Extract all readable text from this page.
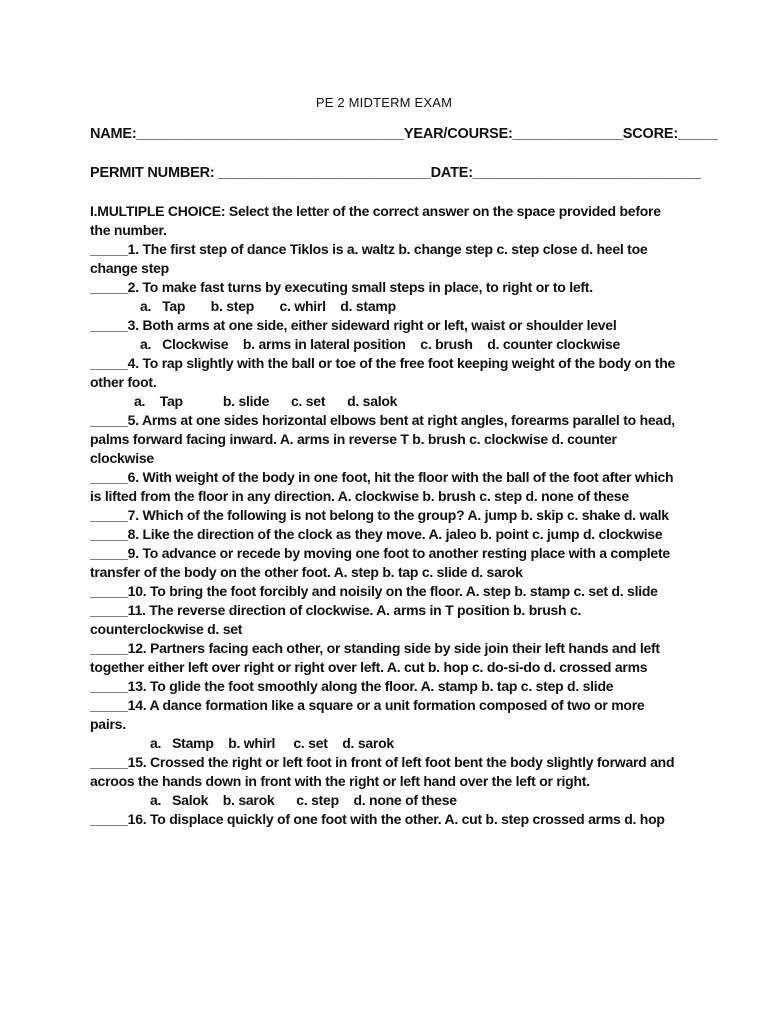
PE 2 MIDTERM EXAM
NAME:__________________________________YEAR/COURSE:______________SCORE:_____
PERMIT NUMBER: ___________________________DATE:_____________________________

I.MULTIPLE CHOICE: Select the letter of the correct answer on the space provided before the number.

_____1. The first step of dance Tiklos is a. waltz b. change step c. step close d. heel toe change step

_____2. To make fast turns by executing small steps in place, to right or to left.

a.   Tap       b. step       c. whirl    d. stamp

_____3. Both arms at one side, either sideward right or left, waist or shoulder level

a.   Clockwise    b. arms in lateral position    c. brush    d. counter clockwise

_____4. To rap slightly with the ball or toe of the free foot keeping weight of the body on the other foot.

a.    Tap           b. slide      c. set      d. salok

_____5. Arms at one sides horizontal elbows bent at right angles, forearms parallel to head, palms forward facing inward. A. arms in reverse T b. brush c. clockwise d. counter clockwise

_____6. With weight of the body in one foot, hit the floor with the ball of the foot after which is lifted from the floor in any direction. A. clockwise b. brush c. step d. none of these

_____7. Which of the following is not belong to the group? A. jump b. skip c. shake d. walk

_____8. Like the direction of the clock as they move. A. jaleo b. point c. jump d. clockwise

_____9. To advance or recede by moving one foot to another resting place with a complete transfer of the body on the other foot. A. step b. tap c. slide d. sarok

_____10. To bring the foot forcibly and noisily on the floor. A. step b. stamp c. set d. slide

_____11. The reverse direction of clockwise. A. arms in T position b. brush c. counterclockwise d. set

_____12. Partners facing each other, or standing side by side join their left hands and left together either left over right or right over left. A. cut b. hop c. do-si-do d. crossed arms

_____13. To glide the foot smoothly along the floor. A. stamp b. tap c. step d. slide

_____14. A dance formation like a square or a unit formation composed of two or more pairs.

a.   Stamp    b. whirl     c. set    d. sarok

_____15. Crossed the right or left foot in front of left foot bent the body slightly forward and acroos the hands down in front with the right or left hand over the left or right.

a.   Salok    b. sarok      c. step    d. none of these

_____16. To displace quickly of one foot with the other. A. cut b. step crossed arms d. hop
